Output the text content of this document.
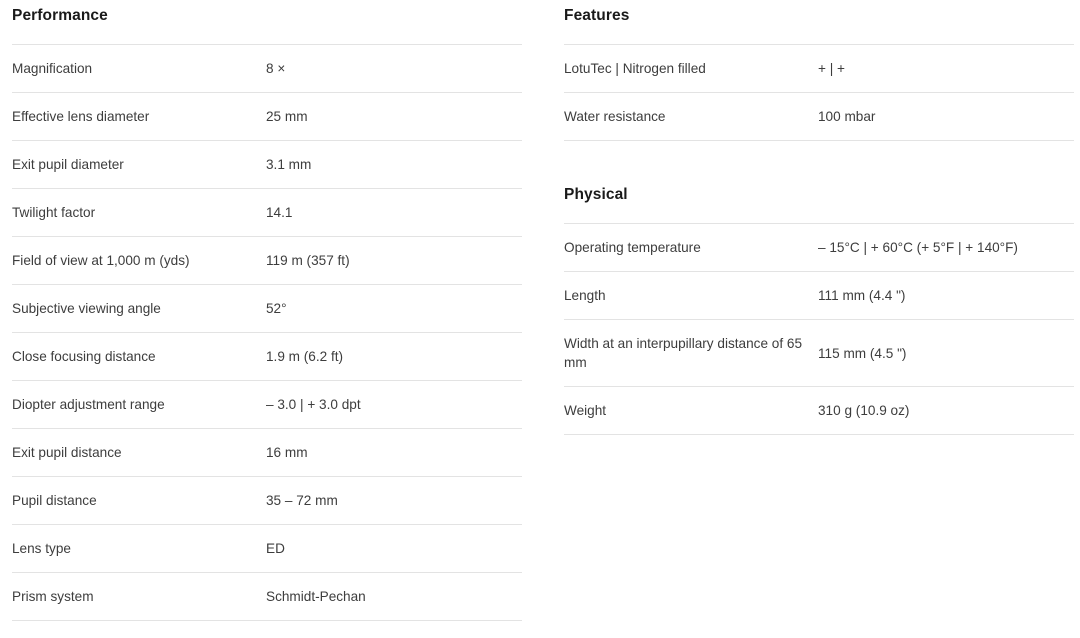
Performance
Magnification	8 ×
Effective lens diameter	25 mm
Exit pupil diameter	3.1 mm
Twilight factor	14.1
Field of view at 1,000 m (yds)	119 m (357 ft)
Subjective viewing angle	52°
Close focusing distance	1.9 m (6.2 ft)
Diopter adjustment range	– 3.0 | + 3.0 dpt
Exit pupil distance	16 mm
Pupil distance	35 – 72 mm
Lens type	ED
Prism system	Schmidt-Pechan
Features
LotuTec | Nitrogen filled	+ | +
Water resistance	100 mbar
Physical
Operating temperature	– 15°C | + 60°C (+ 5°F | + 140°F)
Length	111 mm (4.4 ")
Width at an interpupillary distance of 65 mm	115 mm (4.5 ")
Weight	310 g (10.9 oz)
